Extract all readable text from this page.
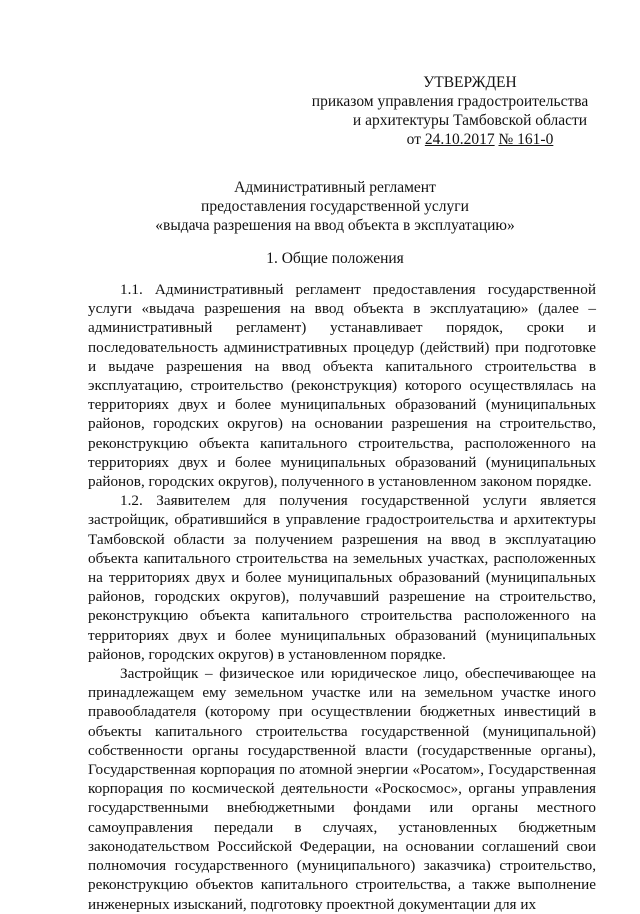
УТВЕРЖДЕН
приказом управления градостроительства
и архитектуры Тамбовской области
от 24.10.2017 № 161-0
Административный регламент
предоставления государственной услуги
«выдача разрешения на ввод объекта в эксплуатацию»
1. Общие положения

1.1. Административный регламент предоставления государственной услуги «выдача разрешения на ввод объекта в эксплуатацию» (далее – административный регламент) устанавливает порядок, сроки и последовательность административных процедур (действий) при подготовке и выдаче разрешения на ввод объекта капитального строительства в эксплуатацию, строительство (реконструкция) которого осуществлялась на территориях двух и более муниципальных образований (муниципальных районов, городских округов) на основании разрешения на строительство, реконструкцию объекта капитального строительства, расположенного на территориях двух и более муниципальных образований (муниципальных районов, городских округов), полученного в установленном законом порядке.

1.2. Заявителем для получения государственной услуги является застройщик, обратившийся в управление градостроительства и архитектуры Тамбовской области за получением разрешения на ввод в эксплуатацию объекта капитального строительства на земельных участках, расположенных на территориях двух и более муниципальных образований (муниципальных районов, городских округов), получавший разрешение на строительство, реконструкцию объекта капитального строительства расположенного на территориях двух и более муниципальных образований (муниципальных районов, городских округов) в установленном порядке.

Застройщик – физическое или юридическое лицо, обеспечивающее на принадлежащем ему земельном участке или на земельном участке иного правообладателя (которому при осуществлении бюджетных инвестиций в объекты капитального строительства государственной (муниципальной) собственности органы государственной власти (государственные органы), Государственная корпорация по атомной энергии «Росатом», Государственная корпорация по космической деятельности «Роскосмос», органы управления государственными внебюджетными фондами или органы местного самоуправления передали в случаях, установленных бюджетным законодательством Российской Федерации, на основании соглашений свои полномочия государственного (муниципального) заказчика) строительство, реконструкцию объектов капитального строительства, а также выполнение инженерных изысканий, подготовку проектной документации для их
